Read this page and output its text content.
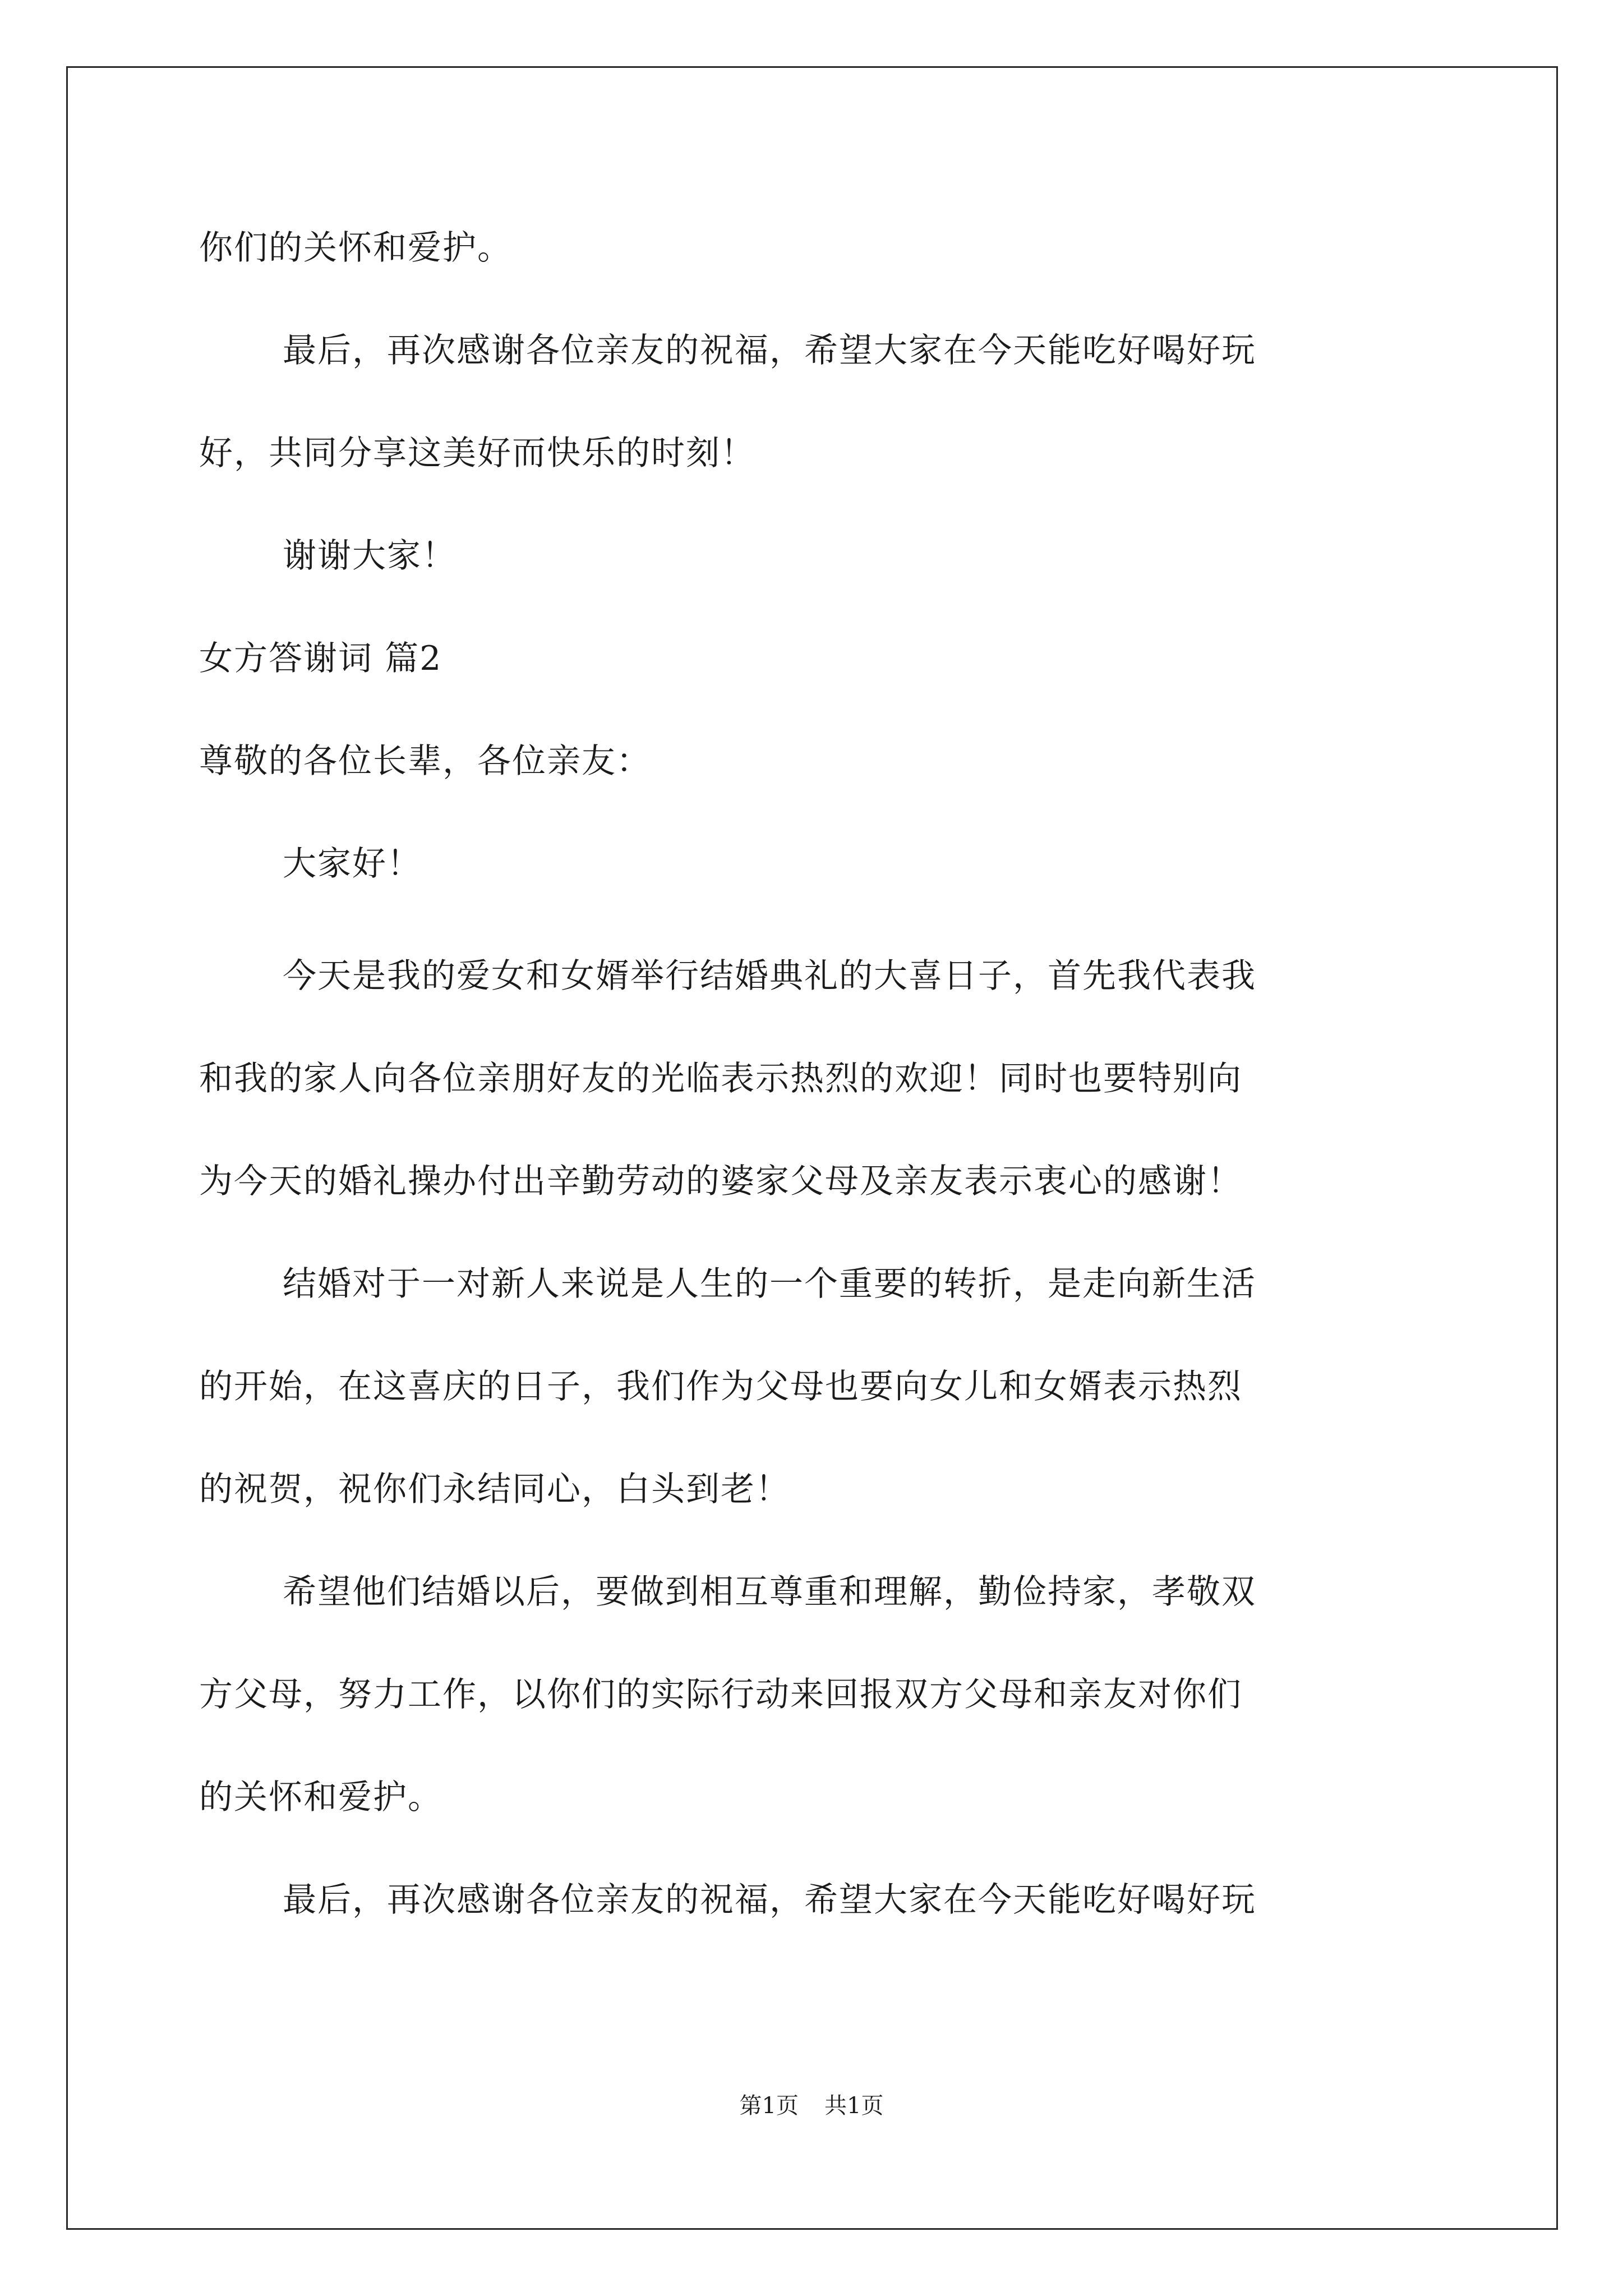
你们的关怀和爱护。
最后，再次感谢各位亲友的祝福，希望大家在今天能吃好喝好玩
好，共同分享这美好而快乐的时刻！
谢谢大家！
女方答谢词 篇2
尊敬的各位长辈，各位亲友：
大家好！
今天是我的爱女和女婿举行结婚典礼的大喜日子，首先我代表我
和我的家人向各位亲朋好友的光临表示热烈的欢迎！同时也要特别向
为今天的婚礼操办付出辛勤劳动的婆家父母及亲友表示衷心的感谢！
结婚对于一对新人来说是人生的一个重要的转折，是走向新生活
的开始，在这喜庆的日子，我们作为父母也要向女儿和女婿表示热烈
的祝贺，祝你们永结同心，白头到老！
希望他们结婚以后，要做到相互尊重和理解，勤俭持家，孝敬双
方父母，努力工作，以你们的实际行动来回报双方父母和亲友对你们
的关怀和爱护。
最后，再次感谢各位亲友的祝福，希望大家在今天能吃好喝好玩
第1页 共1页
